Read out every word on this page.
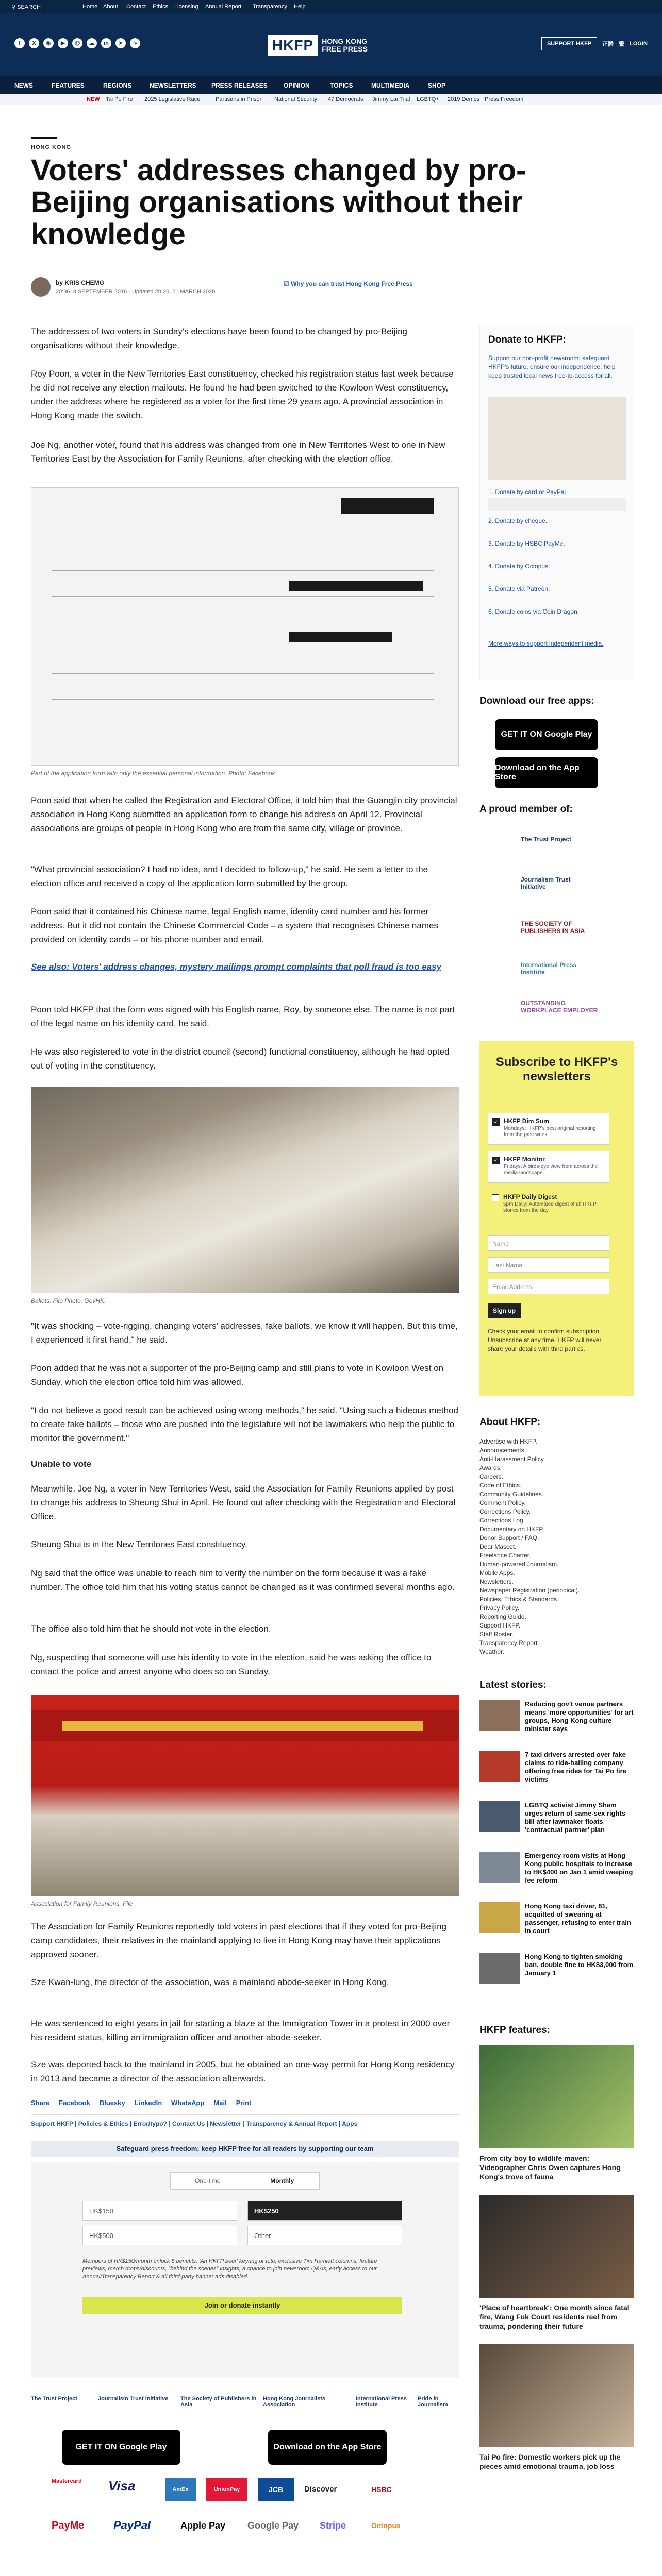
⚲ SEARCH	Home About Contact Ethics Licensing Annual Report Transparency Help
f	X	◉	▶	@	☁	in	➤	∿	HKFP	HONG KONG
FREE PRESS
SUPPORT HKFP	正體 繁 LOGIN
NEWS	FEATURES	REGIONS	NEWSLETTERS PRESS RELEASES	OPINION	TOPICS	MULTIMEDIA	SHOP
NEW Tai Po Fire 2025 Legislative Race	Partisans in Prison National Security 47 Democrats Jimmy Lai Trial LGBTQ+ 2019 Demos Press Freedom
HONG KONG
Voters' addresses changed by pro-Beijing organisations without their knowledge
by KRIS CHEMG
20:36, 3 SEPTEMBER 2016 · Updated 20:20, 21 MARCH 2020
☑ Why you can trust Hong Kong Free Press

The addresses of two voters in Sunday's elections have been found to be changed by pro-Beijing organisations without their knowledge.

Roy Poon, a voter in the New Territories East constituency, checked his registration status last week because he did not receive any election mailouts. He found he had been switched to the Kowloon West constituency, under the address where he registered as a voter for the first time 29 years ago. A provincial association in Hong Kong made the switch.

Joe Ng, another voter, found that his address was changed from one in New Territories West to one in New Territories East by the Association for Family Reunions, after checking with the election office.

Part of the application form with only the essential personal information. Photo: Facebook.

Poon said that when he called the Registration and Electoral Office, it told him that the Guangjin city provincial association in Hong Kong submitted an application form to change his address on April 12. Provincial associations are groups of people in Hong Kong who are from the same city, village or province.

"What provincial association? I had no idea, and I decided to follow-up," he said. He sent a letter to the election office and received a copy of the application form submitted by the group.

Poon said that it contained his Chinese name, legal English name, identity card number and his former address. But it did not contain the Chinese Commercial Code – a system that recognises Chinese names provided on identity cards – or his phone number and email.

See also: Voters' address changes, mystery mailings prompt complaints that poll fraud is too easy

Poon told HKFP that the form was signed with his English name, Roy, by someone else. The name is not part of the legal name on his identity card, he said.

He was also registered to vote in the district council (second) functional constituency, although he had opted out of voting in the constituency.

Ballots. File Photo: GovHK.

"It was shocking – vote-rigging, changing voters' addresses, fake ballots, we know it will happen. But this time, I experienced it first hand," he said.

Poon added that he was not a supporter of the pro-Beijing camp and still plans to vote in Kowloon West on Sunday, which the election office told him was allowed.

"I do not believe a good result can be achieved using wrong methods," he said. "Using such a hideous method to create fake ballots – those who are pushed into the legislature will not be lawmakers who help the public to monitor the government."

Unable to vote

Meanwhile, Joe Ng, a voter in New Territories West, said the Association for Family Reunions applied by post to change his address to Sheung Shui in April. He found out after checking with the Registration and Electoral Office.

Sheung Shui is in the New Territories East constituency.

Ng said that the office was unable to reach him to verify the number on the form because it was a fake number. The office told him that his voting status cannot be changed as it was confirmed several months ago.

The office also told him that he should not vote in the election.

Ng, suspecting that someone will use his identity to vote in the election, said he was asking the office to contact the police and arrest anyone who does so on Sunday.

Association for Family Reunions. File

The Association for Family Reunions reportedly told voters in past elections that if they voted for pro-Beijing camp candidates, their relatives in the mainland applying to live in Hong Kong may have their applications approved sooner.

Sze Kwan-lung, the director of the association, was a mainland abode-seeker in Hong Kong.

He was sentenced to eight years in jail for starting a blaze at the Immigration Tower in a protest in 2000 over his resident status, killing an immigration officer and another abode-seeker.

Sze was deported back to the mainland in 2005, but he obtained an one-way permit for Hong Kong residency in 2013 and became a director of the association afterwards.

Share Facebook Bluesky LinkedIn WhatsApp Mail Print
Support HKFP | Policies & Ethics | Error/typo? | Contact Us | Newsletter | Transparency & Annual Report | Apps
Safeguard press freedom; keep HKFP free for all readers by supporting our team
One-time	Monthly
HK$150	HK$250
HK$500	Other
Members of HK$150/month unlock 8 benefits: 'An HKFP beer' keyring or tote, exclusive Tim Hamlett columns, feature previews, merch drops/discounts, "behind the scenes" insights, a chance to join newsroom Q&As, early access to our Annual/Transparency Report & all third-party banner ads disabled.
Join or donate instantly
The Trust Project	Journalism Trust Initiative The Society of Publishers in Asia
Hong Kong Journalists Association
International Press Institute
Pride in Journalism
GET IT ON Google Play	Download on the App Store
Mastercard	Visa	AmEx	UnionPay	JCB	Discover
PayMe	PayPal	Apple Pay	Google Pay	Stripe	Octopus
HSBC
Donate to HKFP:
Support our non-profit newsroom: safeguard HKFP's future, ensure our independence, help keep trusted local news free-to-access for all.
1. Donate by card or PayPal.
2. Donate by cheque.
3. Donate by HSBC PayMe.
4. Donate by Octopus.
5. Donate via Patreon.
6. Donate coins via Coin Dragon.
More ways to support independent media.
Download our free apps:
GET IT ON Google Play
Download on the App Store
A proud member of:
The Trust Project
Journalism Trust Initiative
THE SOCIETY OF PUBLISHERS IN ASIA
International Press Institute
OUTSTANDING WORKPLACE EMPLOYER
Subscribe to HKFP's newsletters
✓ HKFP Dim Sum
Mondays: HKFP's best original reporting from the past week.
✓ HKFP Monitor
Fridays: A birds-eye view from across the media landscape.
HKFP Daily Digest
5pm Daily: Automated digest of all HKFP stories from the day.
Name
Last Name
Email Address
Sign up
Check your email to confirm subscription. Unsubscribe at any time. HKFP will never share your details with third parties.
About HKFP:
Advertise with HKFP.
Announcements.
Anti-Harassment Policy.
Awards.
Careers.
Code of Ethics.
Community Guidelines.
Comment Policy.
Corrections Policy.
Corrections Log.
Documentary on HKFP.
Donor Support / FAQ.
Dear Mascot.
Freelance Charter.
Human-powered Journalism.
Mobile Apps.
Newsletters.
Newspaper Registration (periodical).
Policies, Ethics & Standards.
Privacy Policy.
Reporting Guide.
Support HKFP.
Staff Roster.
Transparency Report.
Weather.
Latest stories:
Reducing gov't venue partners means 'more opportunities' for art groups, Hong Kong culture minister says
7 taxi drivers arrested over fake claims to ride-hailing company offering free rides for Tai Po fire victims
LGBTQ activist Jimmy Sham urges return of same-sex rights bill after lawmaker floats 'contractual partner' plan
Emergency room visits at Hong Kong public hospitals to increase to HK$400 on Jan 1 amid weeping fee reform
Hong Kong taxi driver, 81, acquitted of swearing at passenger, refusing to enter train in court
Hong Kong to tighten smoking ban, double fine to HK$3,000 from January 1
HKFP features:
From city boy to wildlife maven: Videographer Chris Owen captures Hong Kong's trove of fauna
'Place of heartbreak': One month since fatal fire, Wang Fuk Court residents reel from trauma, pondering their future
Tai Po fire: Domestic workers pick up the pieces amid emotional trauma, job loss
